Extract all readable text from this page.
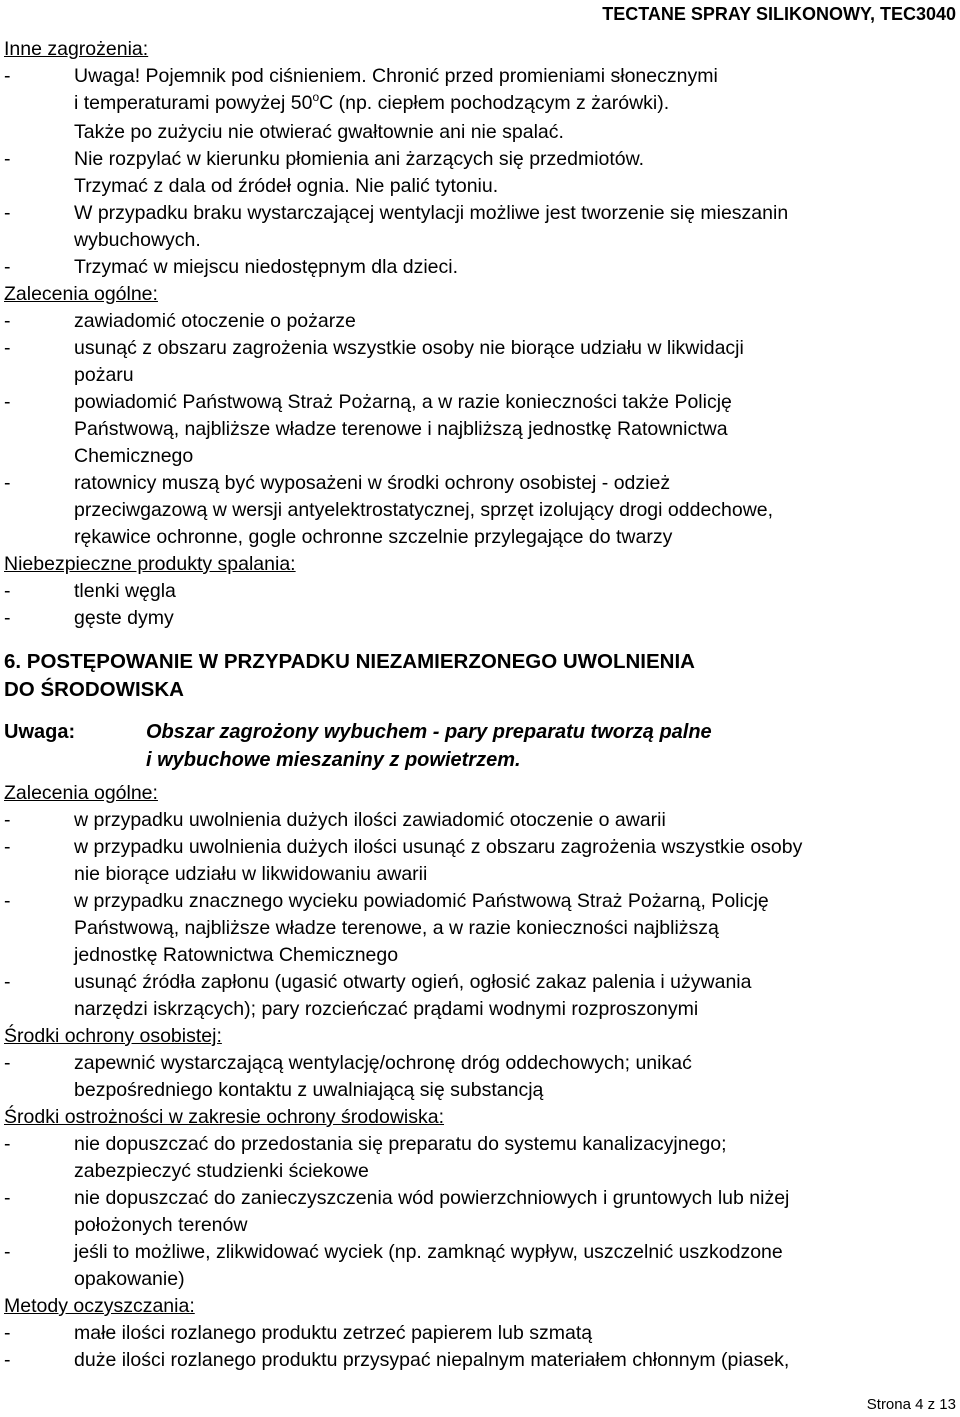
TECTANE SPRAY SILIKONOWY, TEC3040
Inne zagrożenia:
-	Uwaga! Pojemnik pod ciśnieniem. Chronić przed promieniami słonecznymi
i temperaturami powyżej 50$^o$C (np. ciepłem pochodzącym z żarówki).
Także po zużyciu nie otwierać gwałtownie ani nie spalać.
-	Nie rozpylać w kierunku płomienia ani żarzących się przedmiotów.
Trzymać z dala od źródeł ognia. Nie palić tytoniu.
-	W przypadku braku wystarczającej wentylacji możliwe jest tworzenie się mieszanin
wybuchowych.
-	Trzymać w miejscu niedostępnym dla dzieci.
Zalecenia ogólne:
-	zawiadomić otoczenie o pożarze
-	usunąć z obszaru zagrożenia wszystkie osoby nie biorące udziału w likwidacji
pożaru
-	powiadomić Państwową Straż Pożarną, a w razie konieczności także Policję
Państwową, najbliższe władze terenowe i najbliższą jednostkę Ratownictwa
Chemicznego
-	ratownicy muszą być wyposażeni w środki ochrony osobistej - odzież
przeciwgazową w wersji antyelektrostatycznej, sprzęt izolujący drogi oddechowe,
rękawice ochronne, gogle ochronne szczelnie przylegające do twarzy
Niebezpieczne produkty spalania:
-	tlenki węgla
-	gęste dymy
6. POSTĘPOWANIE W PRZYPADKU NIEZAMIERZONEGO UWOLNIENIA
DO ŚRODOWISKA
Uwaga:	Obszar zagrożony wybuchem - pary preparatu tworzą palne
i wybuchowe mieszaniny z powietrzem.
Zalecenia ogólne:
-	w przypadku uwolnienia dużych ilości zawiadomić otoczenie o awarii
-	w przypadku uwolnienia dużych ilości usunąć z obszaru zagrożenia wszystkie osoby
nie biorące udziału w likwidowaniu awarii
-	w przypadku znacznego wycieku powiadomić Państwową Straż Pożarną, Policję
Państwową, najbliższe władze terenowe, a w razie konieczności najbliższą
jednostkę Ratownictwa Chemicznego
-	usunąć źródła zapłonu (ugasić otwarty ogień, ogłosić zakaz palenia i używania
narzędzi iskrzących); pary rozcieńczać prądami wodnymi rozproszonymi
Środki ochrony osobistej:
-	zapewnić wystarczającą wentylację/ochronę dróg oddechowych; unikać
bezpośredniego kontaktu z uwalniającą się substancją
Środki ostrożności w zakresie ochrony środowiska:
-	nie dopuszczać do przedostania się preparatu do systemu kanalizacyjnego;
zabezpieczyć studzienki ściekowe
-	nie dopuszczać do zanieczyszczenia wód powierzchniowych i gruntowych lub niżej
położonych terenów
-	jeśli to możliwe, zlikwidować wyciek (np. zamknąć wypływ, uszczelnić uszkodzone
opakowanie)
Metody oczyszczania:
-	małe ilości rozlanego produktu zetrzeć papierem lub szmatą
-	duże ilości rozlanego produktu przysypać niepalnym materiałem chłonnym (piasek,
Strona 4 z 13
